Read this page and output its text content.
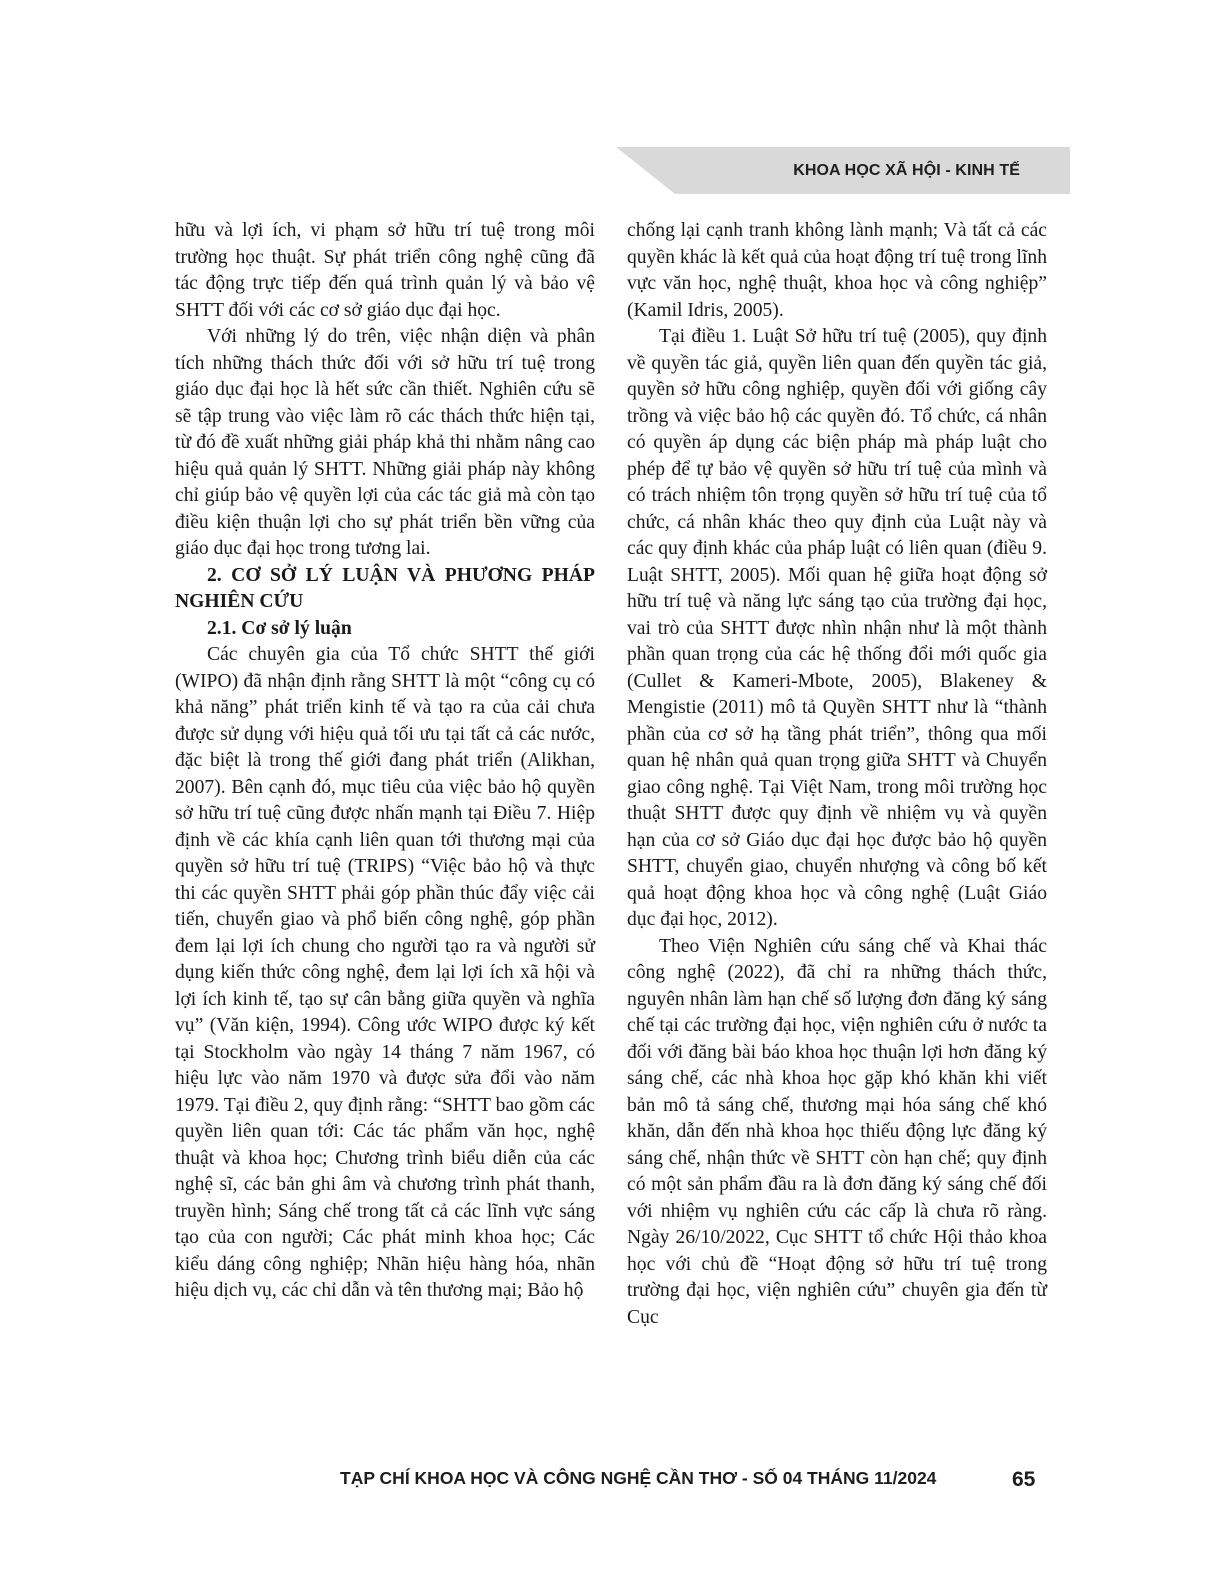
KHOA HỌC XÃ HỘI - KINH TẾ

hữu và lợi ích, vi phạm sở hữu trí tuệ trong môi trường học thuật. Sự phát triển công nghệ cũng đã tác động trực tiếp đến quá trình quản lý và bảo vệ SHTT đối với các cơ sở giáo dục đại học.

Với những lý do trên, việc nhận diện và phân tích những thách thức đối với sở hữu trí tuệ trong giáo dục đại học là hết sức cần thiết. Nghiên cứu sẽ sẽ tập trung vào việc làm rõ các thách thức hiện tại, từ đó đề xuất những giải pháp khả thi nhằm nâng cao hiệu quả quản lý SHTT. Những giải pháp này không chỉ giúp bảo vệ quyền lợi của các tác giả mà còn tạo điều kiện thuận lợi cho sự phát triển bền vững của giáo dục đại học trong tương lai.

2. CƠ SỞ LÝ LUẬN VÀ PHƯƠNG PHÁP NGHIÊN CỨU
2.1. Cơ sở lý luận

Các chuyên gia của Tổ chức SHTT thế giới (WIPO) đã nhận định rằng SHTT là một “công cụ có khả năng” phát triển kinh tế và tạo ra của cải chưa được sử dụng với hiệu quả tối ưu tại tất cả các nước, đặc biệt là trong thế giới đang phát triển (Alikhan, 2007). Bên cạnh đó, mục tiêu của việc bảo hộ quyền sở hữu trí tuệ cũng được nhấn mạnh tại Điều 7. Hiệp định về các khía cạnh liên quan tới thương mại của quyền sở hữu trí tuệ (TRIPS) “Việc bảo hộ và thực thi các quyền SHTT phải góp phần thúc đẩy việc cải tiến, chuyển giao và phổ biến công nghệ, góp phần đem lại lợi ích chung cho người tạo ra và người sử dụng kiến thức công nghệ, đem lại lợi ích xã hội và lợi ích kinh tế, tạo sự cân bằng giữa quyền và nghĩa vụ” (Văn kiện, 1994). Công ước WIPO được ký kết tại Stockholm vào ngày 14 tháng 7 năm 1967, có hiệu lực vào năm 1970 và được sửa đổi vào năm 1979. Tại điều 2, quy định rằng: “SHTT bao gồm các quyền liên quan tới: Các tác phẩm văn học, nghệ thuật và khoa học; Chương trình biểu diễn của các nghệ sĩ, các bản ghi âm và chương trình phát thanh, truyền hình; Sáng chế trong tất cả các lĩnh vực sáng tạo của con người; Các phát minh khoa học; Các kiểu dáng công nghiệp; Nhãn hiệu hàng hóa, nhãn hiệu dịch vụ, các chỉ dẫn và tên thương mại; Bảo hộ

chống lại cạnh tranh không lành mạnh; Và tất cả các quyền khác là kết quả của hoạt động trí tuệ trong lĩnh vực văn học, nghệ thuật, khoa học và công nghiệp” (Kamil Idris, 2005).

Tại điều 1. Luật Sở hữu trí tuệ (2005), quy định về quyền tác giả, quyền liên quan đến quyền tác giả, quyền sở hữu công nghiệp, quyền đối với giống cây trồng và việc bảo hộ các quyền đó. Tổ chức, cá nhân có quyền áp dụng các biện pháp mà pháp luật cho phép để tự bảo vệ quyền sở hữu trí tuệ của mình và có trách nhiệm tôn trọng quyền sở hữu trí tuệ của tổ chức, cá nhân khác theo quy định của Luật này và các quy định khác của pháp luật có liên quan (điều 9. Luật SHTT, 2005). Mối quan hệ giữa hoạt động sở hữu trí tuệ và năng lực sáng tạo của trường đại học, vai trò của SHTT được nhìn nhận như là một thành phần quan trọng của các hệ thống đổi mới quốc gia (Cullet & Kameri-Mbote, 2005), Blakeney & Mengistie (2011) mô tả Quyền SHTT như là “thành phần của cơ sở hạ tầng phát triển”, thông qua mối quan hệ nhân quả quan trọng giữa SHTT và Chuyển giao công nghệ. Tại Việt Nam, trong môi trường học thuật SHTT được quy định về nhiệm vụ và quyền hạn của cơ sở Giáo dục đại học được bảo hộ quyền SHTT, chuyển giao, chuyển nhượng và công bố kết quả hoạt động khoa học và công nghệ (Luật Giáo dục đại học, 2012).

Theo Viện Nghiên cứu sáng chế và Khai thác công nghệ (2022), đã chỉ ra những thách thức, nguyên nhân làm hạn chế số lượng đơn đăng ký sáng chế tại các trường đại học, viện nghiên cứu ở nước ta đối với đăng bài báo khoa học thuận lợi hơn đăng ký sáng chế, các nhà khoa học gặp khó khăn khi viết bản mô tả sáng chế, thương mại hóa sáng chế khó khăn, dẫn đến nhà khoa học thiếu động lực đăng ký sáng chế, nhận thức về SHTT còn hạn chế; quy định có một sản phẩm đầu ra là đơn đăng ký sáng chế đối với nhiệm vụ nghiên cứu các cấp là chưa rõ ràng. Ngày 26/10/2022, Cục SHTT tổ chức Hội thảo khoa học với chủ đề “Hoạt động sở hữu trí tuệ trong trường đại học, viện nghiên cứu” chuyên gia đến từ Cục

TẠP CHÍ KHOA HỌC VÀ CÔNG NGHỆ CẦN THƠ - SỐ 04 THÁNG 11/2024	65
